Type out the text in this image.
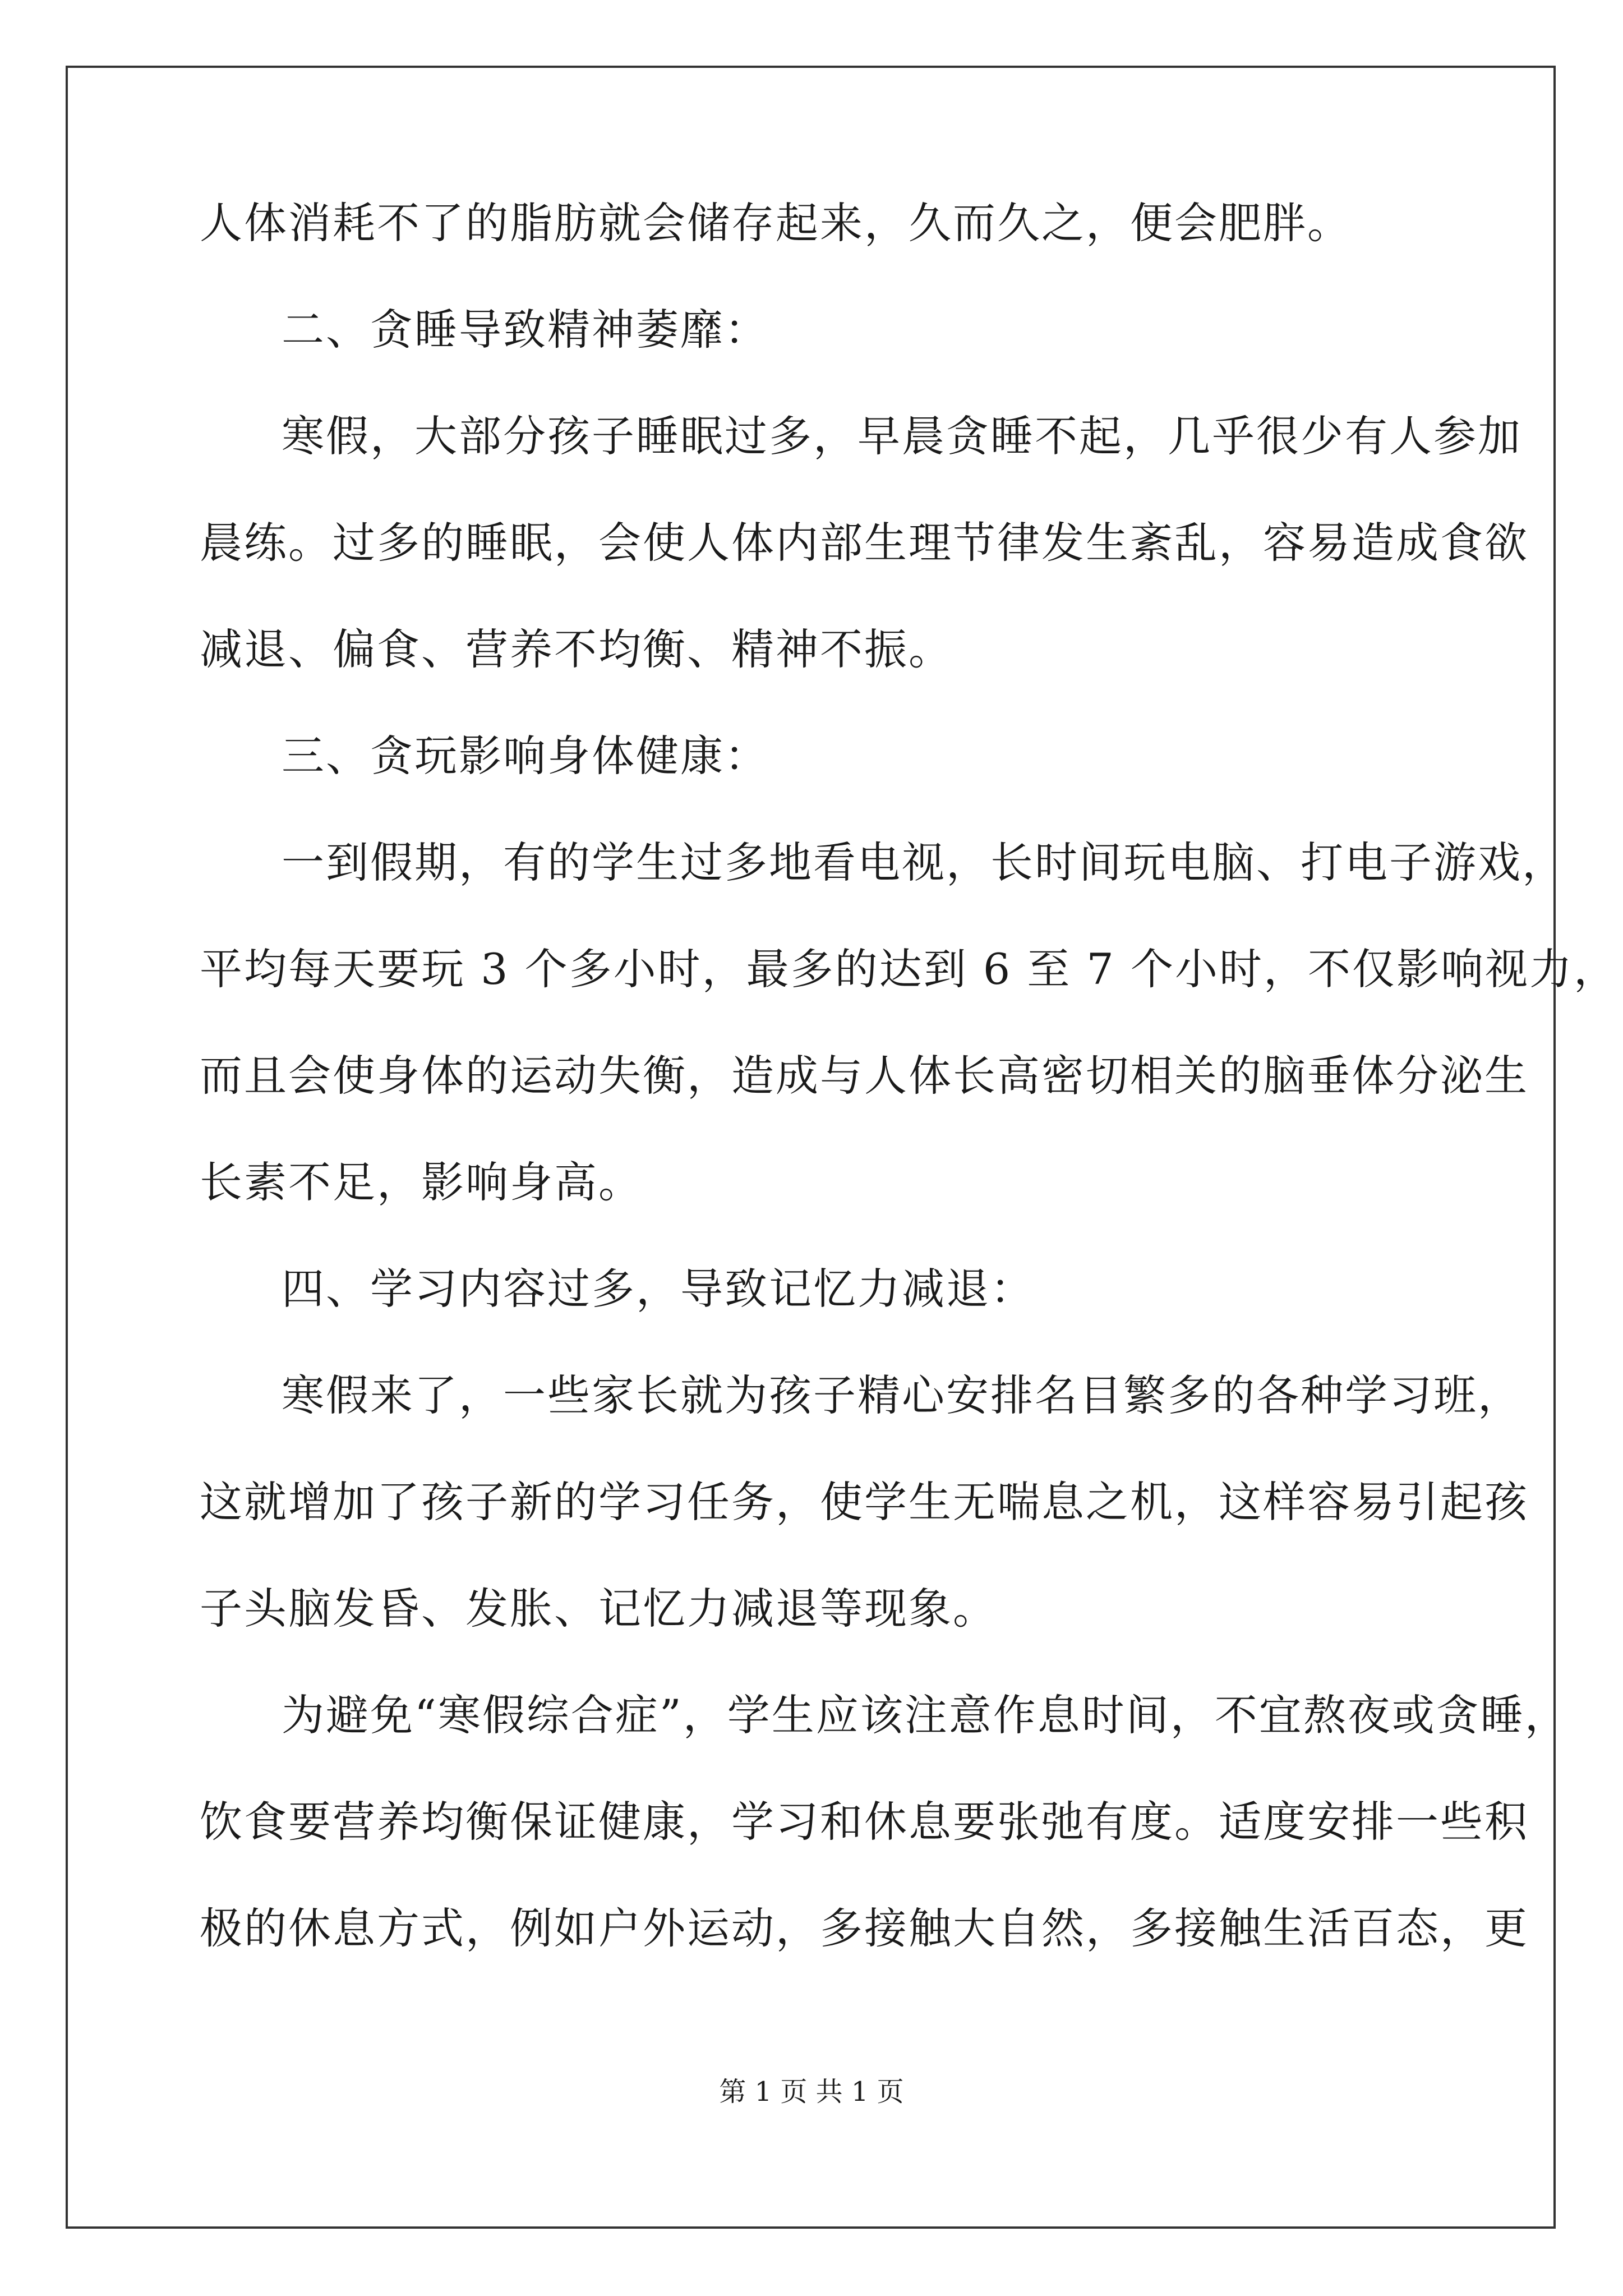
人体消耗不了的脂肪就会储存起来，久而久之，便会肥胖。
二、贪睡导致精神萎靡：
寒假，大部分孩子睡眠过多，早晨贪睡不起，几乎很少有人参加
晨练。过多的睡眠，会使人体内部生理节律发生紊乱，容易造成食欲
减退、偏食、营养不均衡、精神不振。
三、贪玩影响身体健康：
一到假期，有的学生过多地看电视，长时间玩电脑、打电子游戏，
平均每天要玩 3 个多小时，最多的达到 6 至 7 个小时，不仅影响视力，
而且会使身体的运动失衡，造成与人体长高密切相关的脑垂体分泌生
长素不足，影响身高。
四、学习内容过多，导致记忆力减退：
寒假来了，一些家长就为孩子精心安排名目繁多的各种学习班，
这就增加了孩子新的学习任务，使学生无喘息之机，这样容易引起孩
子头脑发昏、发胀、记忆力减退等现象。
为避免“寒假综合症”，学生应该注意作息时间，不宜熬夜或贪睡，
饮食要营养均衡保证健康，学习和休息要张弛有度。适度安排一些积
极的休息方式，例如户外运动，多接触大自然，多接触生活百态，更
第 1 页 共 1 页
